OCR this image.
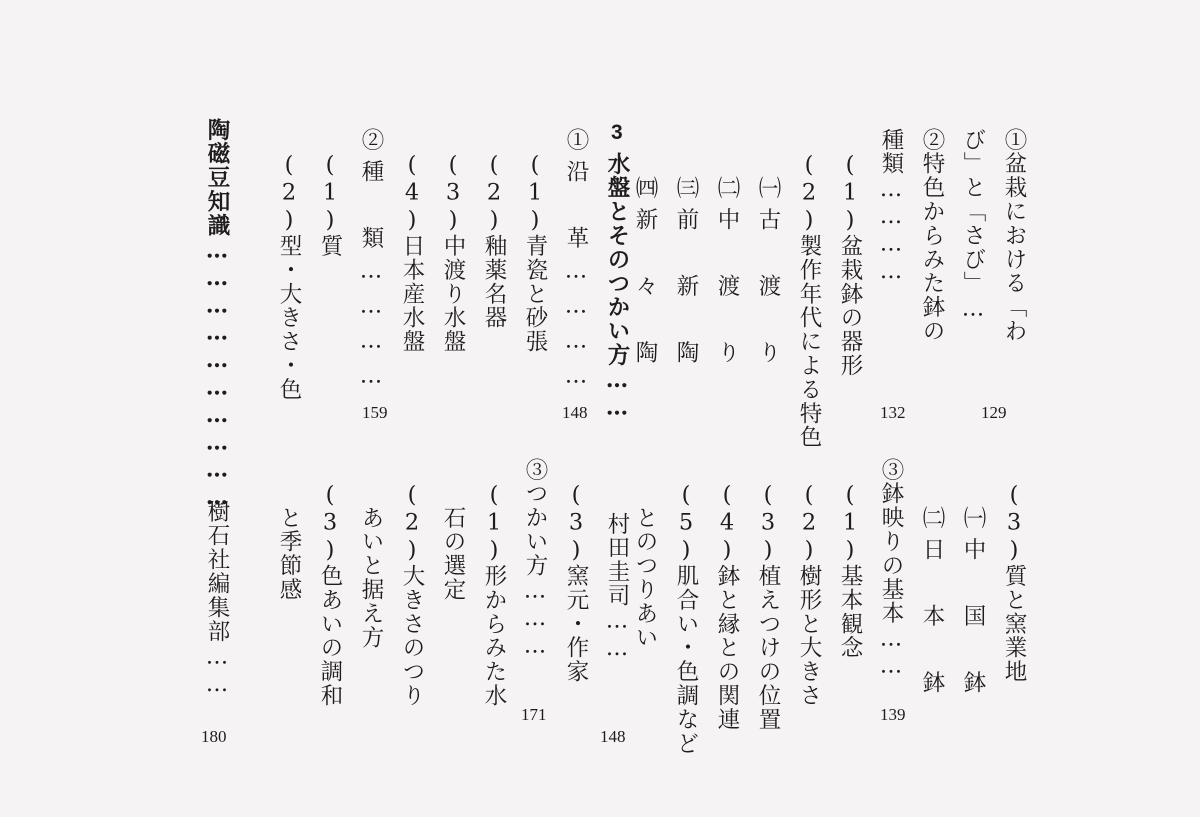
①盆栽における「わ
び」と「さび」…
129
②特色からみた鉢の
種類…………
132
(1)盆栽鉢の器形
(2)製作年代による特色
㈠古 渡 り
㈡中 渡 り
㈢前 新 陶
㈣新 々 陶
3
水盤とそのつかい方……
①沿 革…………
148
(1)青瓷と砂張
(2)釉薬名器
(3)中渡り水盤
(4)日本産水盤
②種 類…………
159
(1)質
(2)型・大きさ・色
陶磁豆知識…………………………
180
(3)質と窯業地
㈠中 国 鉢
㈡日 本 鉢
③鉢映りの基本……
139
(1)基本観念
(2)樹形と大きさ
(3)植えつけの位置
(4)鉢と縁との関連
(5)肌合い・色調など
とのつりあい
村田圭司……
148
(3)窯元・作家
③つかい方………
171
(1)形からみた水
石の選定
(2)大きさのつり
あいと据え方
(3)色あいの調和
と季節感
樹石社編集部……
